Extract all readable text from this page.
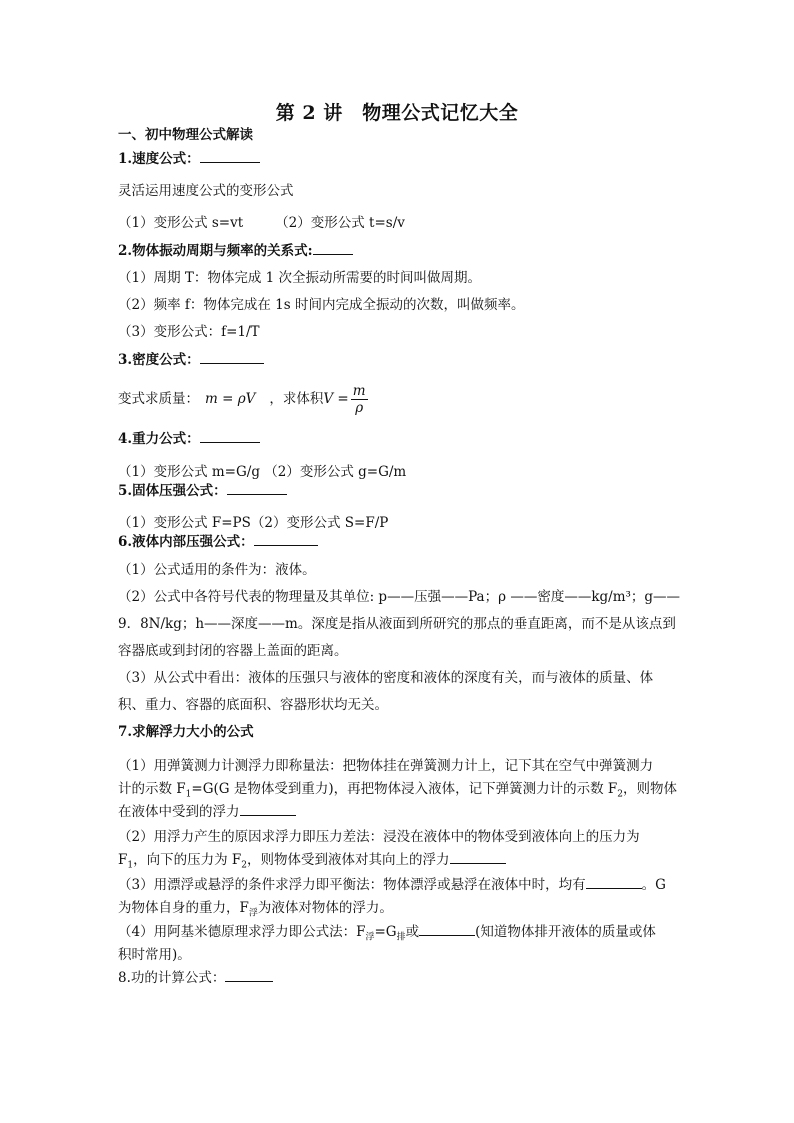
第 2 讲　物理公式记忆大全
一、初中物理公式解读
1.速度公式：
灵活运用速度公式的变形公式
（1）变形公式 s=vt （2）变形公式 t=s/v
2.物体振动周期与频率的关系式:
（1）周期 T：物体完成 1 次全振动所需要的时间叫做周期。
（2）频率 f：物体完成在 1s 时间内完成全振动的次数，叫做频率。
（3）变形公式：f=1/T
3.密度公式：
变式求质量： m = ρV ，求体积$V = \frac{m}{\rho}$
4.重力公式：
（1）变形公式 m=G/g （2）变形公式 g=G/m
5.固体压强公式：
（1）变形公式 F=PS（2）变形公式 S=F/P
6.液体内部压强公式：
（1）公式适用的条件为：液体。
（2）公式中各符号代表的物理量及其单位: p——压强——Pa；ρ ——密度——kg/m³；g——
9．8N/kg；h——深度——m。深度是指从液面到所研究的那点的垂直距离，而不是从该点到
容器底或到封闭的容器上盖面的距离。
（3）从公式中看出：液体的压强只与液体的密度和液体的深度有关，而与液体的质量、体
积、重力、容器的底面积、容器形状均无关。
7.求解浮力大小的公式
（1）用弹簧测力计测浮力即称量法：把物体挂在弹簧测力计上，记下其在空气中弹簧测力
计的示数 $F_1=G(G$ 是物体受到重力)，再把物体浸入液体，记下弹簧测力计的示数 $F_2$，则物体
在液体中受到的浮力
（2）用浮力产生的原因求浮力即压力差法：浸没在液体中的物体受到液体向上的压力为
$F_1$，向下的压力为 $F_2$，则物体受到液体对其向上的浮力
（3）用漂浮或悬浮的条件求浮力即平衡法：物体漂浮或悬浮在液体中时，均有	。G
为物体自身的重力，$F_浮$为液体对物体的浮力。
（4）用阿基米德原理求浮力即公式法：$F_浮=G_排$或	(知道物体排开液体的质量或体
积时常用)。
8.功的计算公式：
